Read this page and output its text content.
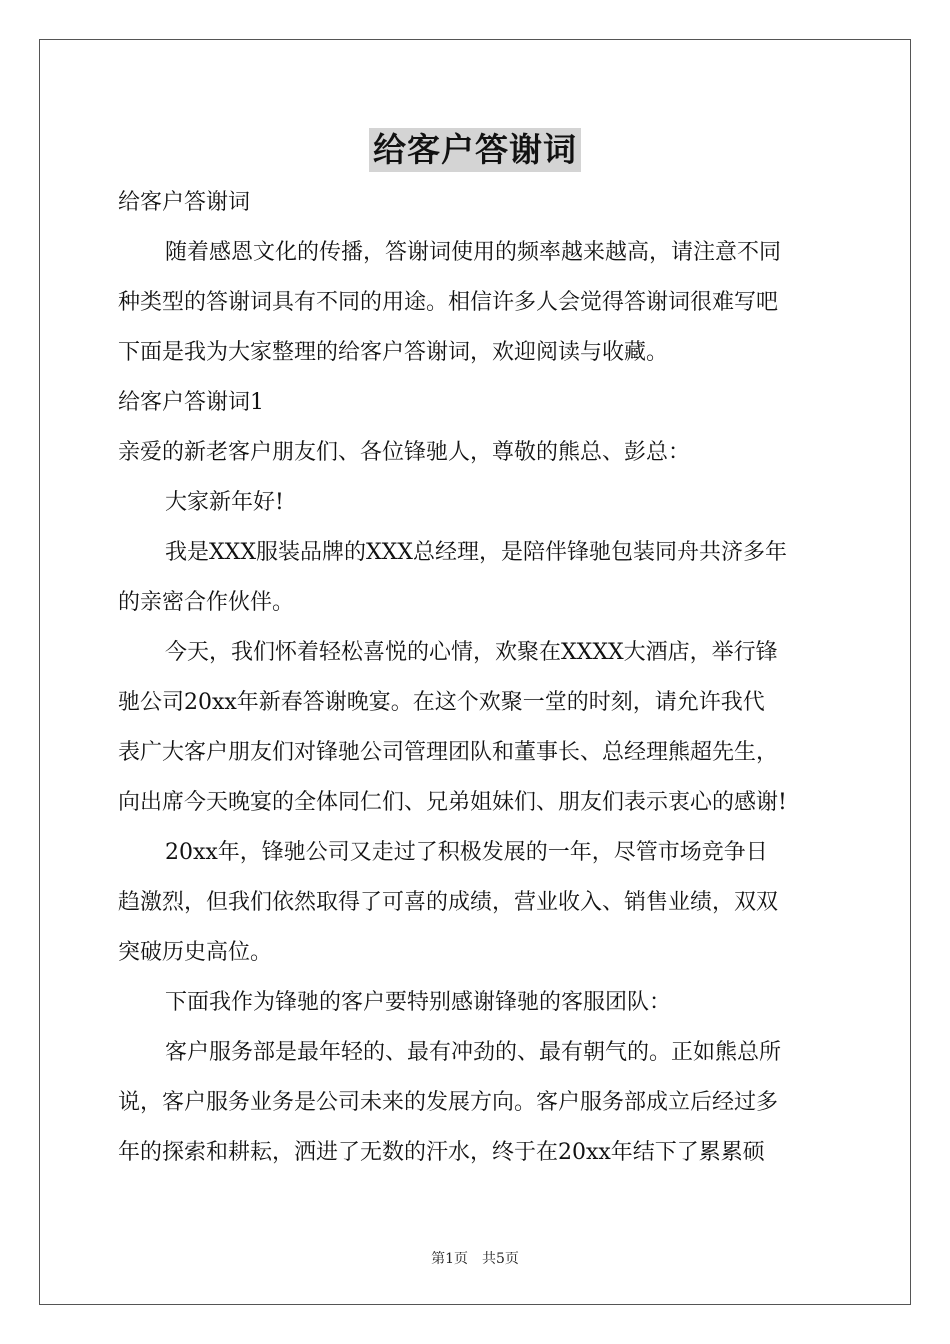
给客户答谢词

给客户答谢词

随着感恩文化的传播，答谢词使用的频率越来越高，请注意不同

种类型的答谢词具有不同的用途。相信许多人会觉得答谢词很难写吧

下面是我为大家整理的给客户答谢词，欢迎阅读与收藏。

给客户答谢词1

亲爱的新老客户朋友们、各位锋驰人，尊敬的熊总、彭总：

大家新年好!

我是XXX服装品牌的XXX总经理，是陪伴锋驰包装同舟共济多年

的亲密合作伙伴。

今天，我们怀着轻松喜悦的心情，欢聚在XXXX大酒店，举行锋

驰公司20xx年新春答谢晚宴。在这个欢聚一堂的时刻，请允许我代

表广大客户朋友们对锋驰公司管理团队和董事长、总经理熊超先生，

向出席今天晚宴的全体同仁们、兄弟姐妹们、朋友们表示衷心的感谢!

20xx年，锋驰公司又走过了积极发展的一年，尽管市场竞争日

趋激烈，但我们依然取得了可喜的成绩，营业收入、销售业绩，双双

突破历史高位。

下面我作为锋驰的客户要特别感谢锋驰的客服团队：

客户服务部是最年轻的、最有冲劲的、最有朝气的。正如熊总所

说，客户服务业务是公司未来的发展方向。客户服务部成立后经过多

年的探索和耕耘，洒进了无数的汗水，终于在20xx年结下了累累硕

第1页　共5页
